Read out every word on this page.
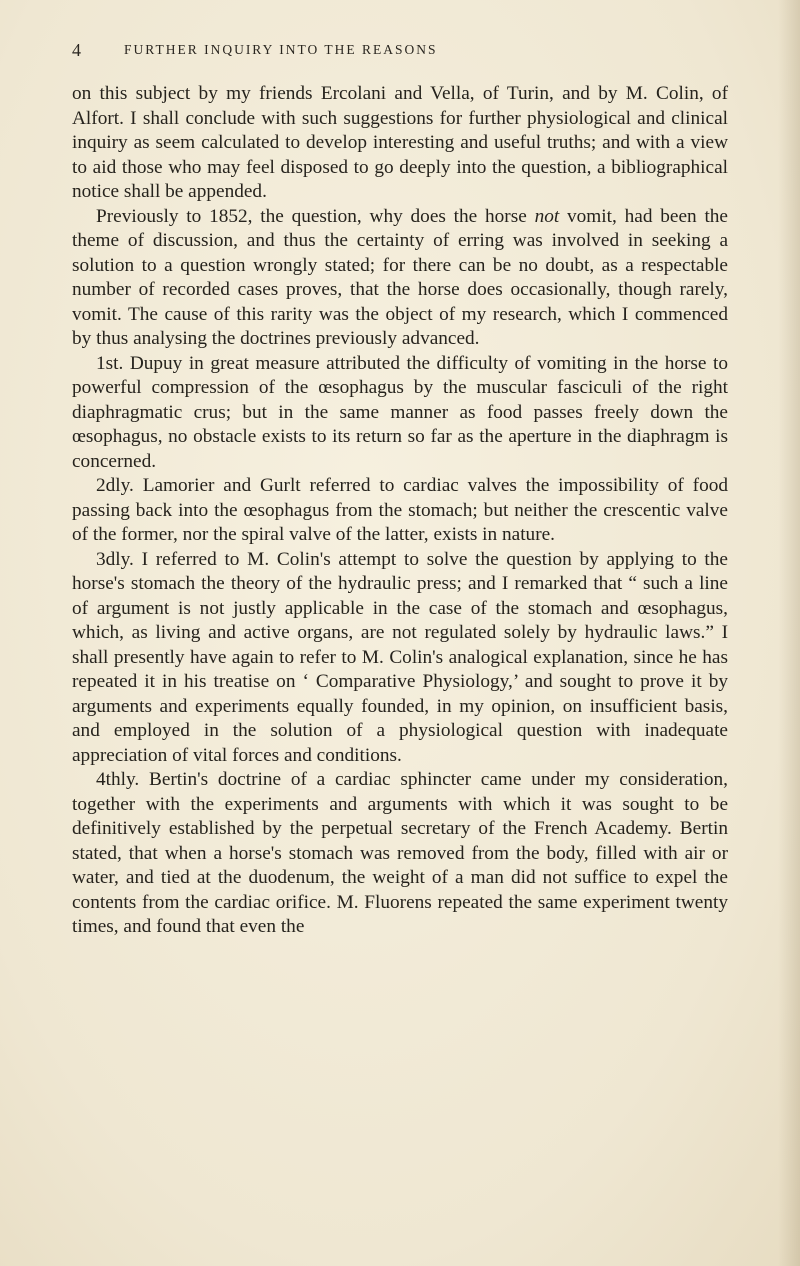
4	FURTHER INQUIRY INTO THE REASONS

on this subject by my friends Ercolani and Vella, of Turin, and by M. Colin, of Alfort. I shall conclude with such suggestions for further physiological and clinical inquiry as seem calculated to develop interesting and useful truths; and with a view to aid those who may feel disposed to go deeply into the question, a bibliographical notice shall be appended.

Previously to 1852, the question, why does the horse not vomit, had been the theme of discussion, and thus the certainty of erring was involved in seeking a solution to a question wrongly stated; for there can be no doubt, as a respectable number of recorded cases proves, that the horse does occasionally, though rarely, vomit. The cause of this rarity was the object of my research, which I commenced by thus analysing the doctrines previously advanced.

1st. Dupuy in great measure attributed the difficulty of vomiting in the horse to powerful compression of the œsophagus by the muscular fasciculi of the right diaphragmatic crus; but in the same manner as food passes freely down the œsophagus, no obstacle exists to its return so far as the aperture in the diaphragm is concerned.

2dly. Lamorier and Gurlt referred to cardiac valves the impossibility of food passing back into the œsophagus from the stomach; but neither the crescentic valve of the former, nor the spiral valve of the latter, exists in nature.

3dly. I referred to M. Colin's attempt to solve the question by applying to the horse's stomach the theory of the hydraulic press; and I remarked that “ such a line of argument is not justly applicable in the case of the stomach and œsophagus, which, as living and active organs, are not regulated solely by hydraulic laws.” I shall presently have again to refer to M. Colin's analogical explanation, since he has repeated it in his treatise on ‘ Comparative Physiology,’ and sought to prove it by arguments and experiments equally founded, in my opinion, on insufficient basis, and employed in the solution of a physiological question with inadequate appreciation of vital forces and conditions.

4thly. Bertin's doctrine of a cardiac sphincter came under my consideration, together with the experiments and arguments with which it was sought to be definitively established by the perpetual secretary of the French Academy. Bertin stated, that when a horse's stomach was removed from the body, filled with air or water, and tied at the duodenum, the weight of a man did not suffice to expel the contents from the cardiac orifice. M. Fluorens repeated the same experiment twenty times, and found that even the
